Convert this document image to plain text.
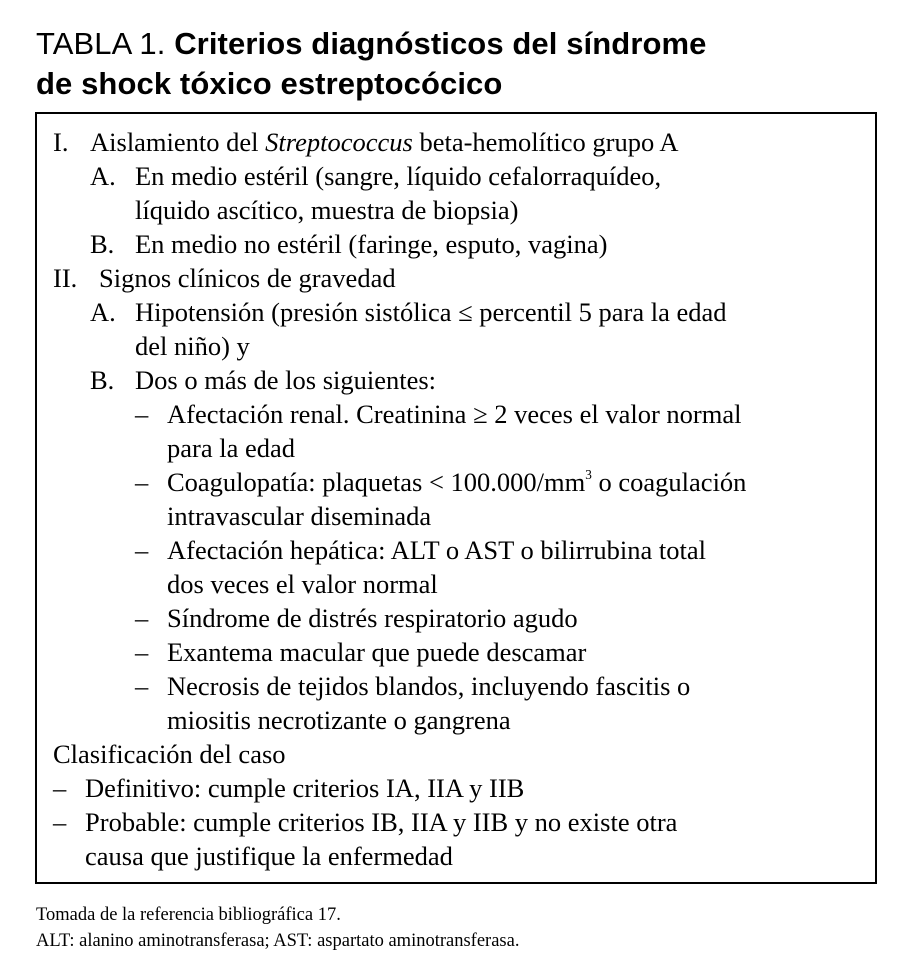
TABLA 1. Criterios diagnósticos del síndrome
de shock tóxico estreptocócico
I. Aislamiento del Streptococcus beta-hemolítico grupo A
A. En medio estéril (sangre, líquido cefalorraquídeo,
líquido ascítico, muestra de biopsia)
B. En medio no estéril (faringe, esputo, vagina)
II. Signos clínicos de gravedad
A. Hipotensión (presión sistólica ≤ percentil 5 para la edad
del niño) y
B. Dos o más de los siguientes:
– Afectación renal. Creatinina ≥ 2 veces el valor normal
para la edad
– Coagulopatía: plaquetas < $100.000/mm^3$ o coagulación
intravascular diseminada
– Afectación hepática: ALT o AST o bilirrubina total
dos veces el valor normal
– Síndrome de distrés respiratorio agudo
– Exantema macular que puede descamar
– Necrosis de tejidos blandos, incluyendo fascitis o
miositis necrotizante o gangrena
Clasificación del caso
– Definitivo: cumple criterios IA, IIA y IIB
– Probable: cumple criterios IB, IIA y IIB y no existe otra
causa que justifique la enfermedad
Tomada de la referencia bibliográfica 17.
ALT: alanino aminotransferasa; AST: aspartato aminotransferasa.
